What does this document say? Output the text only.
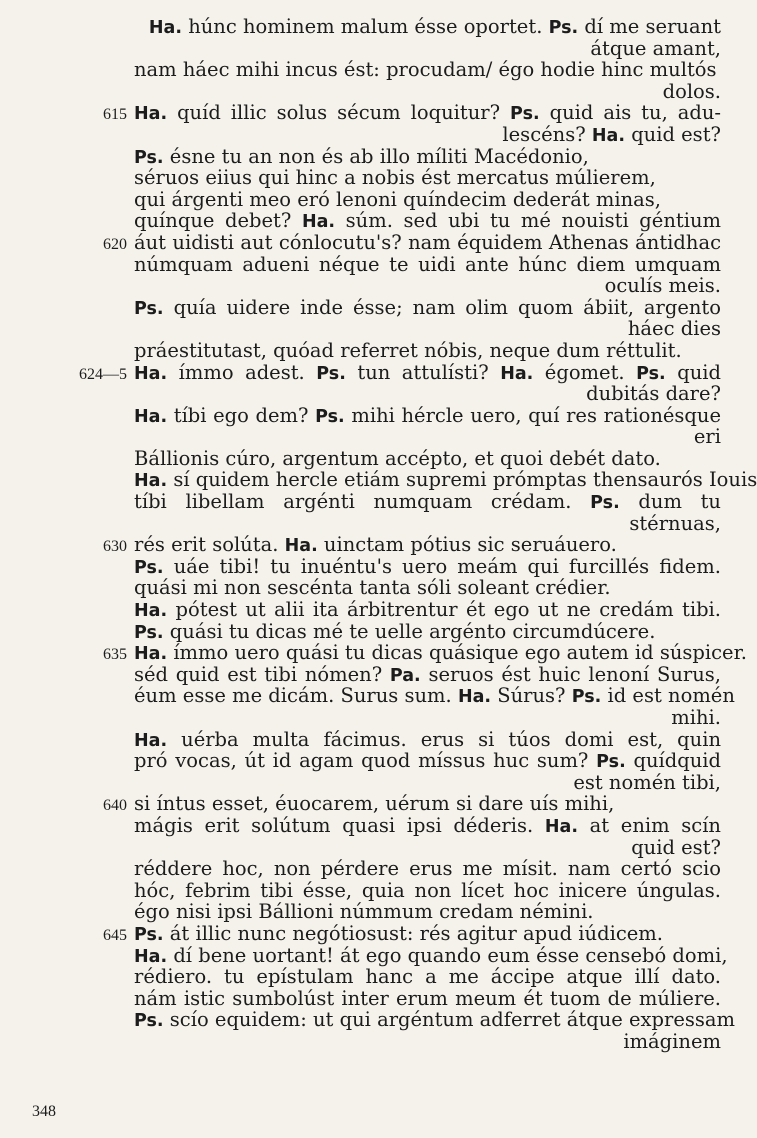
Ha. húnc hominem malum ésse oportet. Ps. dí me seruant
átque amant,
nam háec mihi incus ést: procudam/ égo hodie hinc multós
dolos.
615 Ha. quíd illic solus sécum loquitur? Ps. quid ais tu, adu-
lescéns? Ha. quid est?
Ps. ésne tu an non és ab illo míliti Macédonio,
séruos eiius qui hinc a nobis ést mercatus múlierem,
qui árgenti meo eró lenoni quíndecim dederát minas,
quínque debet? Ha. súm. sed ubi tu mé nouisti géntium
620 áut uidisti aut cónlocutu's? nam équidem Athenas ántidhac
númquam adueni néque te uidi ante húnc diem umquam
oculís meis.
Ps. quía uidere inde ésse; nam olim quom ábiit, argento
háec dies
práestitutast, quóad referret nóbis, neque dum réttulit.
624—5 Ha. ímmo adest. Ps. tun attulísti? Ha. égomet. Ps. quid
dubitás dare?
Ha. tíbi ego dem? Ps. mihi hércle uero, quí res rationésque
eri
Bállionis cúro, argentum accépto, et quoi debét dato.
Ha. sí quidem hercle etiám supremi prómptas thensaurós Iouis
tíbi libellam argénti numquam crédam. Ps. dum tu
stérnuas,
630 rés erit solúta. Ha. uinctam pótius sic seruáuero.
Ps. uáe tibi! tu inuéntu's uero meám qui furcillés fidem.
quási mi non sescénta tanta sóli soleant crédier.
Ha. pótest ut alii ita árbitrentur ét ego ut ne credám tibi.
Ps. quási tu dicas mé te uelle argénto circumdúcere.
635 Ha. ímmo uero quási tu dicas quásique ego autem id súspicer.
séd quid est tibi nómen? Pa. seruos ést huic lenoní Surus,
éum esse me dicám. Surus sum. Ha. Súrus? Ps. id est nomén
mihi.
Ha. uérba multa fácimus. erus si túos domi est, quin
pró vocas, út id agam quod míssus huc sum? Ps. quídquid
est nomén tibi,
640 si íntus esset, éuocarem, uérum si dare uís mihi,
mágis erit solútum quasi ipsi déderis. Ha. at enim scín
quid est?
réddere hoc, non pérdere erus me mísit. nam certó scio
hóc, febrim tibi ésse, quia non lícet hoc inicere úngulas.
égo nisi ipsi Bállioni númmum credam némini.
645 Ps. át illic nunc negótiosust: rés agitur apud iúdicem.
Ha. dí bene uortant! át ego quando eum ésse censebó domi,
rédiero. tu epístulam hanc a me áccipe atque illí dato.
nám istic sumbolúst inter erum meum ét tuom de múliere.
Ps. scío equidem: ut qui argéntum adferret átque expressam
imáginem
348
